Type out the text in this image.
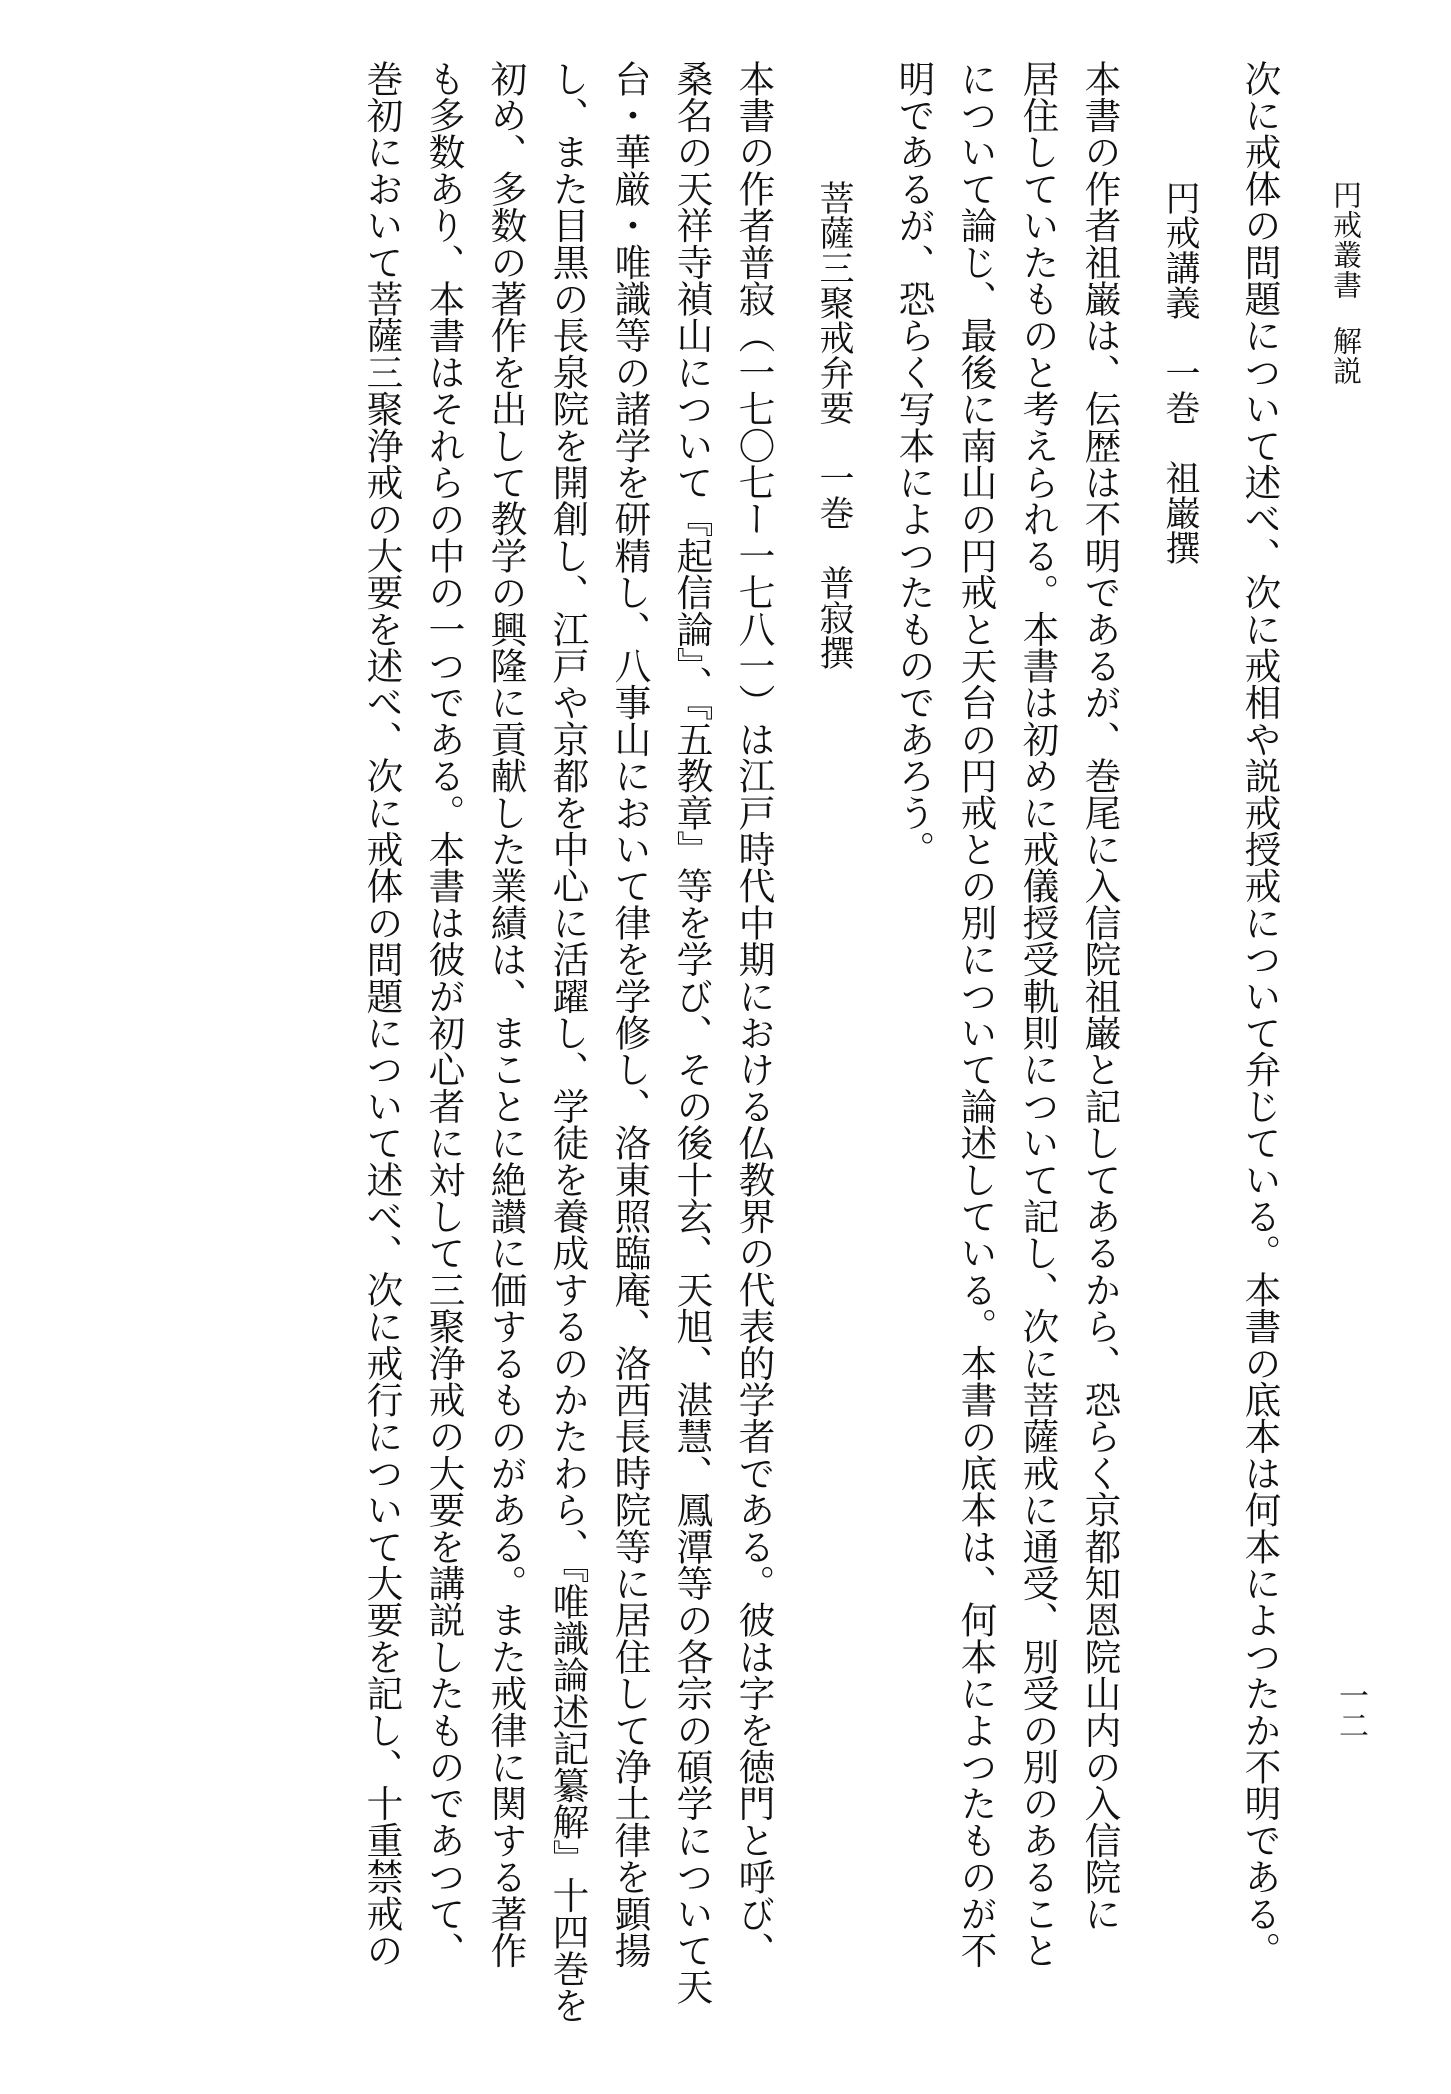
円戒叢書解説
一二

次に戒体の問題について述べ、次に戒相や説戒授戒について弁じている。本書の底本は何本によつたか不明である。

円戒講義　一巻　祖巌撰

本書の作者祖巌は、伝歴は不明であるが、巻尾に入信院祖巌と記してあるから、恐らく京都知恩院山内の入信院に

居住していたものと考えられる。本書は初めに戒儀授受軌則について記し、次に菩薩戒に通受、別受の別のあること

について論じ、最後に南山の円戒と天台の円戒との別について論述している。本書の底本は、何本によつたものが不

明であるが、恐らく写本によつたものであろう。

菩薩三聚戒弁要　一巻　普寂撰

本書の作者普寂（一七〇七ー一七八一）は江戸時代中期における仏教界の代表的学者である。彼は字を徳門と呼び、

桑名の天祥寺禎山について『起信論』、『五教章』等を学び、その後十玄、天旭、湛慧、鳳潭等の各宗の碩学について天

台・華厳・唯識等の諸学を研精し、八事山において律を学修し、洛東照臨庵、洛西長時院等に居住して浄土律を顕揚

し、また目黒の長泉院を開創し、江戸や京都を中心に活躍し、学徒を養成するのかたわら、『唯識論述記纂解』十四巻を

初め、多数の著作を出して教学の興隆に貢献した業績は、まことに絶讃に価するものがある。また戒律に関する著作

も多数あり、本書はそれらの中の一つである。本書は彼が初心者に対して三聚浄戒の大要を講説したものであつて、

巻初において菩薩三聚浄戒の大要を述べ、次に戒体の問題について述べ、次に戒行について大要を記し、十重禁戒の
